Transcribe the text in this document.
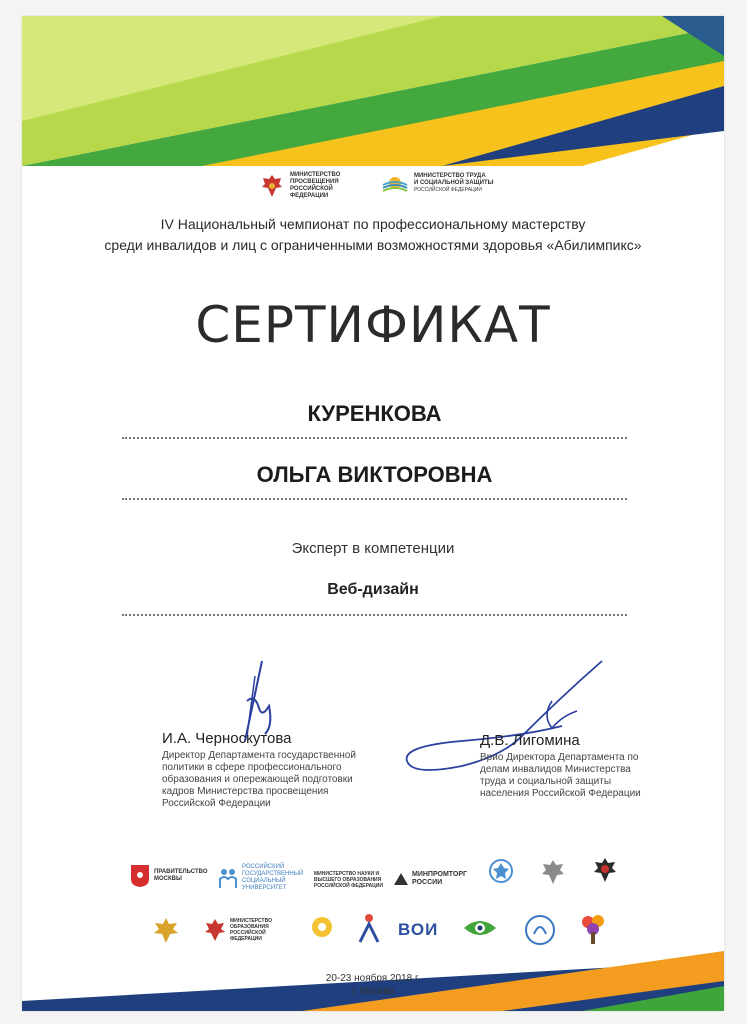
МИНИСТЕРСТВО ПРОСВЕЩЕНИЯ РОССИЙСКОЙ ФЕДЕРАЦИИ
МИНИСТЕРСТВО ТРУДА
И СОЦИАЛЬНОЙ ЗАЩИТЫ
РОССИЙСКОЙ ФЕДЕРАЦИИ
IV Национальный чемпионат по профессиональному мастерству
среди инвалидов и лиц с ограниченными возможностями здоровья «Абилимпикс»
СЕРТИФИКАТ
КУРЕНКОВА
ОЛЬГА ВИКТОРОВНА
Эксперт в компетенции
Веб-дизайн
И.А. Черноскутова
Директор Департамента государственной политики в сфере профессионального образования и опережающей подготовки кадров Министерства просвещения Российской Федерации
Д.В. Лигомина
Врио Директора Департамента по делам инвалидов Министерства труда и социальной защиты населения Российской Федерации
ПРАВИТЕЛЬСТВО МОСКВЫ
РОССИЙСКИЙ ГОСУДАРСТВЕННЫЙ СОЦИАЛЬНЫЙ УНИВЕРСИТЕТ
МИНИСТЕРСТВО НАУКИ И ВЫСШЕГО ОБРАЗОВАНИЯ РОССИЙСКОЙ ФЕДЕРАЦИИ
МИНПРОМТОРГ РОССИИ
МИНИСТЕРСТВО ОБРАЗОВАНИЯ РОССИЙСКОЙ ФЕДЕРАЦИИ	ВОИ
20-23 ноября 2018 г.
г. Москва
